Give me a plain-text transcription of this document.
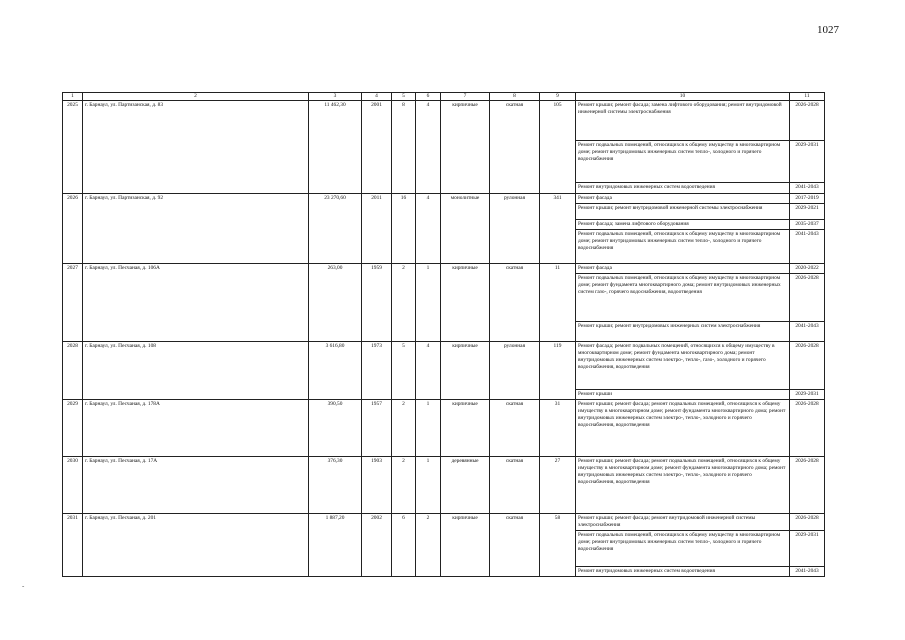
1027
1	2	3	4	5	6	7	8	9	10	11
2025	г. Барнаул, ул. Партизанская, д. 83	11 462,30	2001	8	4	кирпичные	скатная	105	Ремонт крыши; ремонт фасада; замена лифтового оборудования; ремонт внутридомовой инженерной системы электроснабжения	2026-2028
									Ремонт подвальных помещений, относящихся к общему имуществу в многоквартирном доме; ремонт внутридомовых инженерных систем тепло-, холодного и горячего водоснабжения	2029-2031
									Ремонт внутридомовых инженерных систем водоотведения	2041-2043
2026	г. Барнаул, ул. Партизанская, д. 92	23 270,60	2011	16	4	монолитные	рулонная	341	Ремонт фасада	2017-2019
									Ремонт крыши; ремонт внутридомовой инженерной системы электроснабжения	2029-2021
									Ремонт фасада; замена лифтового оборудования	2035-2037
									Ремонт подвальных помещений, относящихся к общему имуществу в многоквартирном доме; ремонт внутридомовых инженерных систем тепло-, холодного и горячего водоснабжения	2041-2043
2027	г. Барнаул, ул. Песчаная, д. 106А	263,00	1959	2	1	кирпичные	скатная	11	Ремонт фасада	2020-2022
									Ремонт подвальных помещений, относящихся к общему имуществу в многоквартирном доме; ремонт фундамента многоквартирного дома; ремонт внутридомовых инженерных систем газо-, горячего водоснабжения, водоотведения	2026-2028
									Ремонт крыши; ремонт внутридомовых инженерных систем электроснабжения	2041-2043
2028	г. Барнаул, ул. Песчаная, д. 108	3 616,80	1973	5	4	кирпичные	рулонная	119	Ремонт фасада; ремонт подвальных помещений, относящихся к общему имуществу в многоквартирном доме; ремонт фундамента многоквартирного дома; ремонт внутридомовых инженерных систем электро-, тепло-, газо-, холодного и горячего водоснабжения, водоотведения	2026-2028
									Ремонт крыши	2029-2031
2029	г. Барнаул, ул. Песчаная, д. 178А	390,50	1957	2	1	кирпичные	скатная	31	Ремонт крыши; ремонт фасада; ремонт подвальных помещений, относящихся к общему имуществу в многоквартирном доме; ремонт фундамента многоквартирного дома; ремонт внутридомовых инженерных систем электро-, тепло-, холодного и горячего водоснабжения, водоотведения	2026-2028
2030	г. Барнаул, ул. Песчаная, д. 17А	376,30	1903	2	1	деревянные	скатная	27	Ремонт крыши; ремонт фасада; ремонт подвальных помещений, относящихся к общему имуществу в многоквартирном доме; ремонт фундамента многоквартирного дома; ремонт внутридомовых инженерных систем электро-, тепло-, холодного и горячего водоснабжения, водоотведения	2026-2028
2031	г. Барнаул, ул. Песчаная, д. 201	1 887,20	2002	6	2	кирпичные	скатная	58	Ремонт крыши; ремонт фасада; ремонт внутридомовой инженерной системы электроснабжения	2026-2028
									Ремонт подвальных помещений, относящихся к общему имуществу в многоквартирном доме; ремонт внутридомовых инженерных систем тепло-, холодного и горячего водоснабжения	2029-2031
									Ремонт внутридомовых инженерных систем водоотведения	2041-2043
-
